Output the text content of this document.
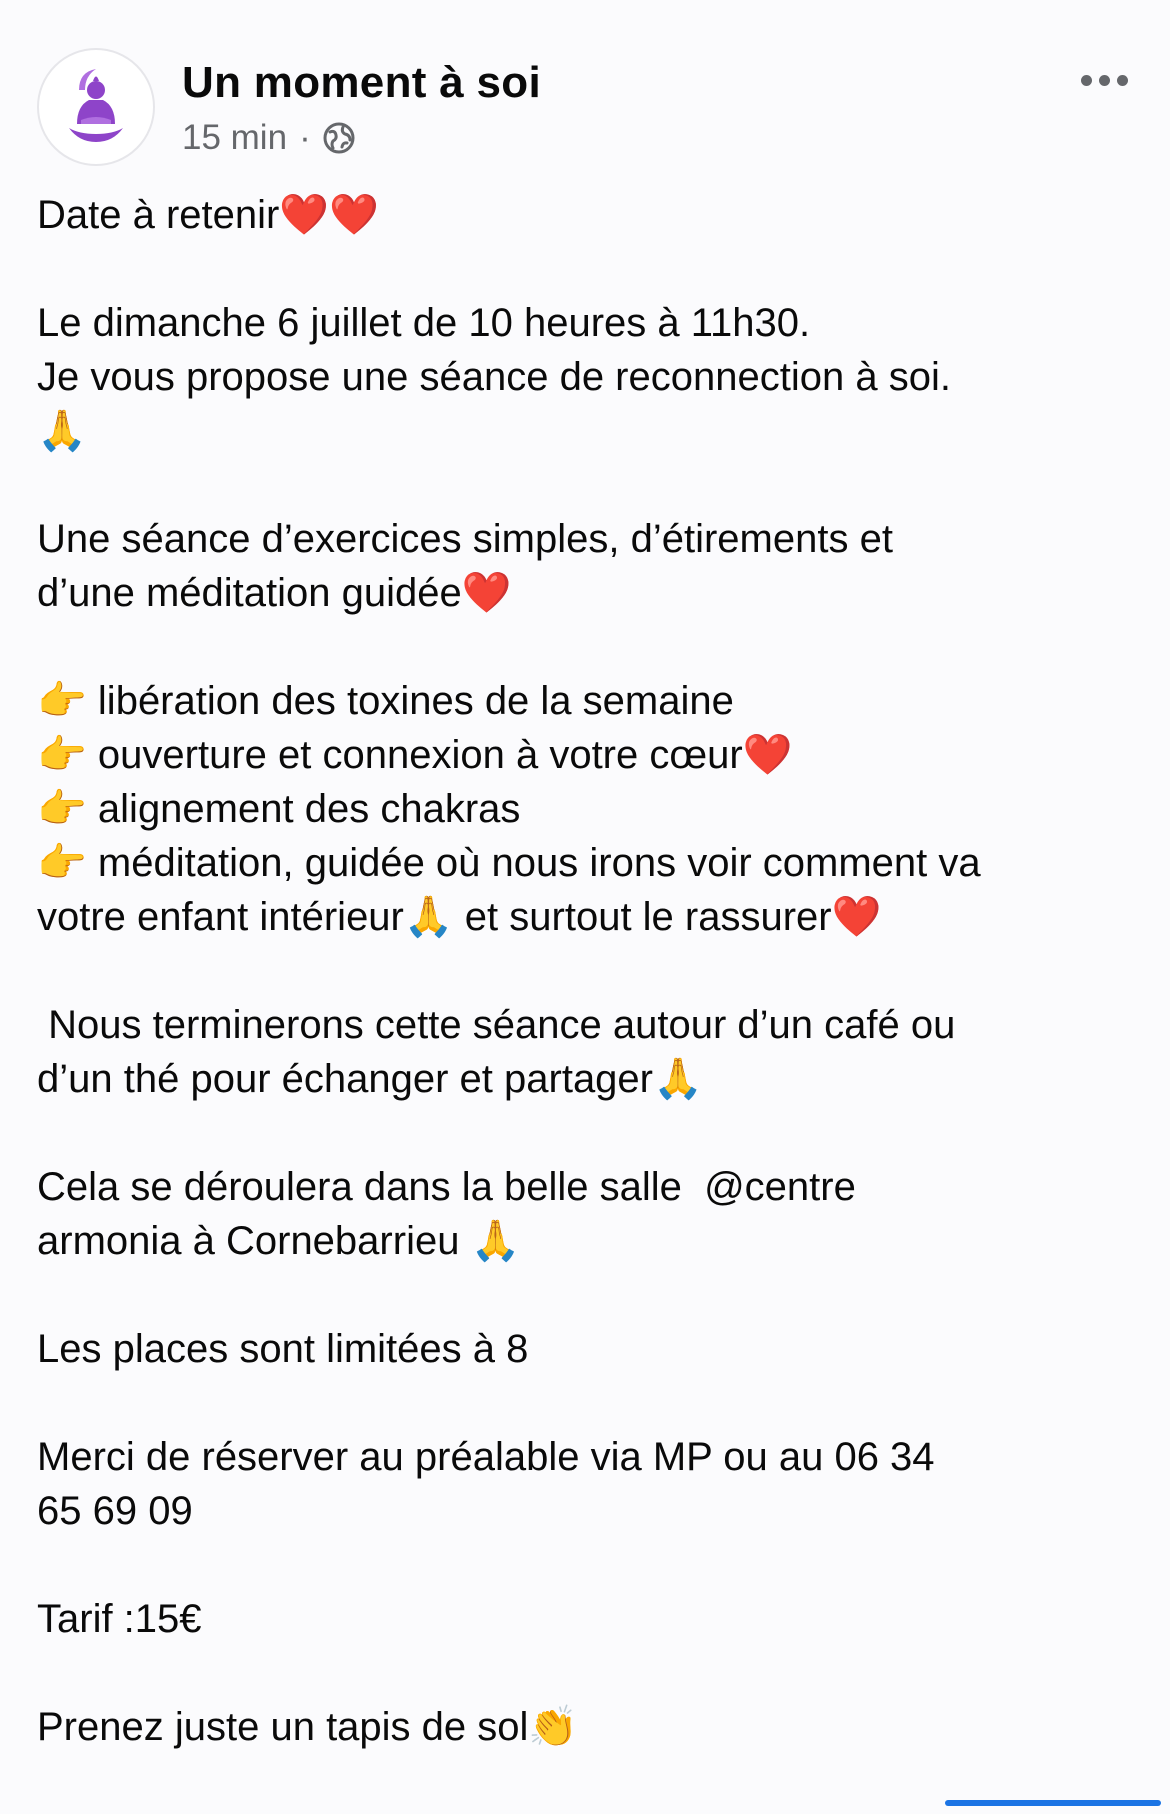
Un moment à soi
15 min ·
Date à retenir❤️❤️
Le dimanche 6 juillet de 10 heures à 11h30.
Je vous propose une séance de reconnection à soi.
🙏
Une séance d’exercices simples, d’étirements et
d’une méditation guidée❤️
👉 libération des toxines de la semaine
👉 ouverture et connexion à votre cœur❤️
👉 alignement des chakras
👉 méditation, guidée où nous irons voir comment va
votre enfant intérieur🙏 et surtout le rassurer❤️
Nous terminerons cette séance autour d’un café ou
d’un thé pour échanger et partager🙏
Cela se déroulera dans la belle salle  @centre
armonia à Cornebarrieu 🙏
Les places sont limitées à 8
Merci de réserver au préalable via MP ou au 06 34
65 69 09
Tarif :15€
Prenez juste un tapis de sol👏
